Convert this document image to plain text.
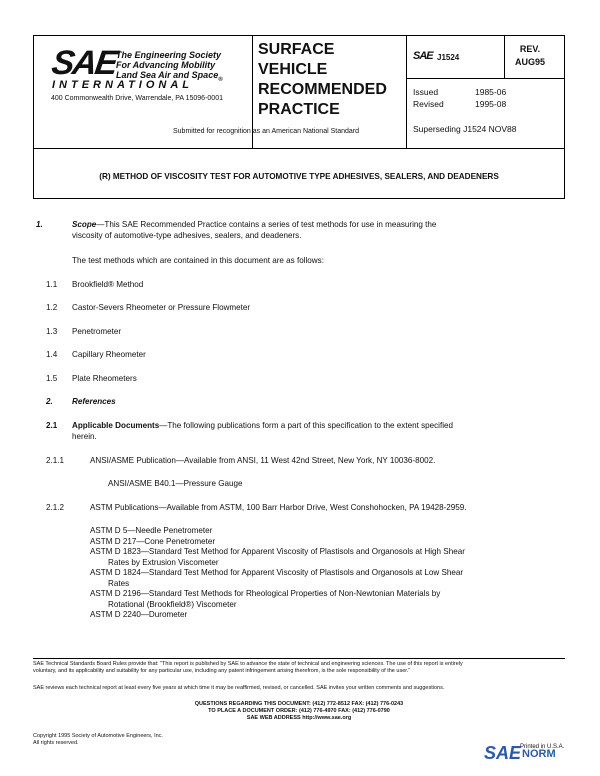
SAE
The Engineering Society
For Advancing Mobility
Land Sea Air and Space$_®$
INTERNATIONAL
400 Commonwealth Drive, Warrendale, PA 15096-0001
SURFACE
VEHICLE
RECOMMENDED
PRACTICE
SAE J1524
REV.
AUG95
Issued	1985-06
Revised	1995-08
Superseding J1524 NOV88
Submitted for recognition as an American National Standard
(R) METHOD OF VISCOSITY TEST FOR AUTOMOTIVE TYPE ADHESIVES, SEALERS, AND DEADENERS
1.	Scope—This SAE Recommended Practice contains a series of test methods for use in measuring the
viscosity of automotive-type adhesives, sealers, and deadeners.
The test methods which are contained in this document are as follows:
1.1 Brookfield® Method
1.2 Castor-Severs Rheometer or Pressure Flowmeter
1.3 Penetrometer
1.4 Capillary Rheometer
1.5 Plate Rheometers
2. References
2.1 Applicable Documents—The following publications form a part of this specification to the extent specified
herein.
2.1.1	ANSI/ASME Publication—Available from ANSI, 11 West 42nd Street, New York, NY 10036-8002.
ANSI/ASME B40.1—Pressure Gauge
2.1.2	ASTM Publications—Available from ASTM, 100 Barr Harbor Drive, West Conshohocken, PA 19428-2959.
ASTM D 5—Needle Penetrometer
ASTM D 217—Cone Penetrometer
ASTM D 1823—Standard Test Method for Apparent Viscosity of Plastisols and Organosols at High Shear
Rates by Extrusion Viscometer
ASTM D 1824—Standard Test Method for Apparent Viscosity of Plastisols and Organosols at Low Shear
Rates
ASTM D 2196—Standard Test Methods for Rheological Properties of Non-Newtonian Materials by
Rotational (Brookfield®) Viscometer
ASTM D 2240—Durometer
SAE Technical Standards Board Rules provide that: "This report is published by SAE to advance the state of technical and engineering sciences. The use of this report is entirely
voluntary, and its applicability and suitability for any particular use, including any patent infringement arising therefrom, is the sole responsibility of the user."
SAE reviews each technical report at least every five years at which time it may be reaffirmed, revised, or cancelled. SAE invites your written comments and suggestions.
QUESTIONS REGARDING THIS DOCUMENT: (412) 772-8512 FAX: (412) 776-0243
TO PLACE A DOCUMENT ORDER: (412) 776-4970 FAX: (412) 776-0790
SAE WEB ADDRESS http://www.sae.org
Copyright 1995 Society of Automotive Engineers, Inc.
All rights reserved.
Printed in U.S.A.
SAE NORM
